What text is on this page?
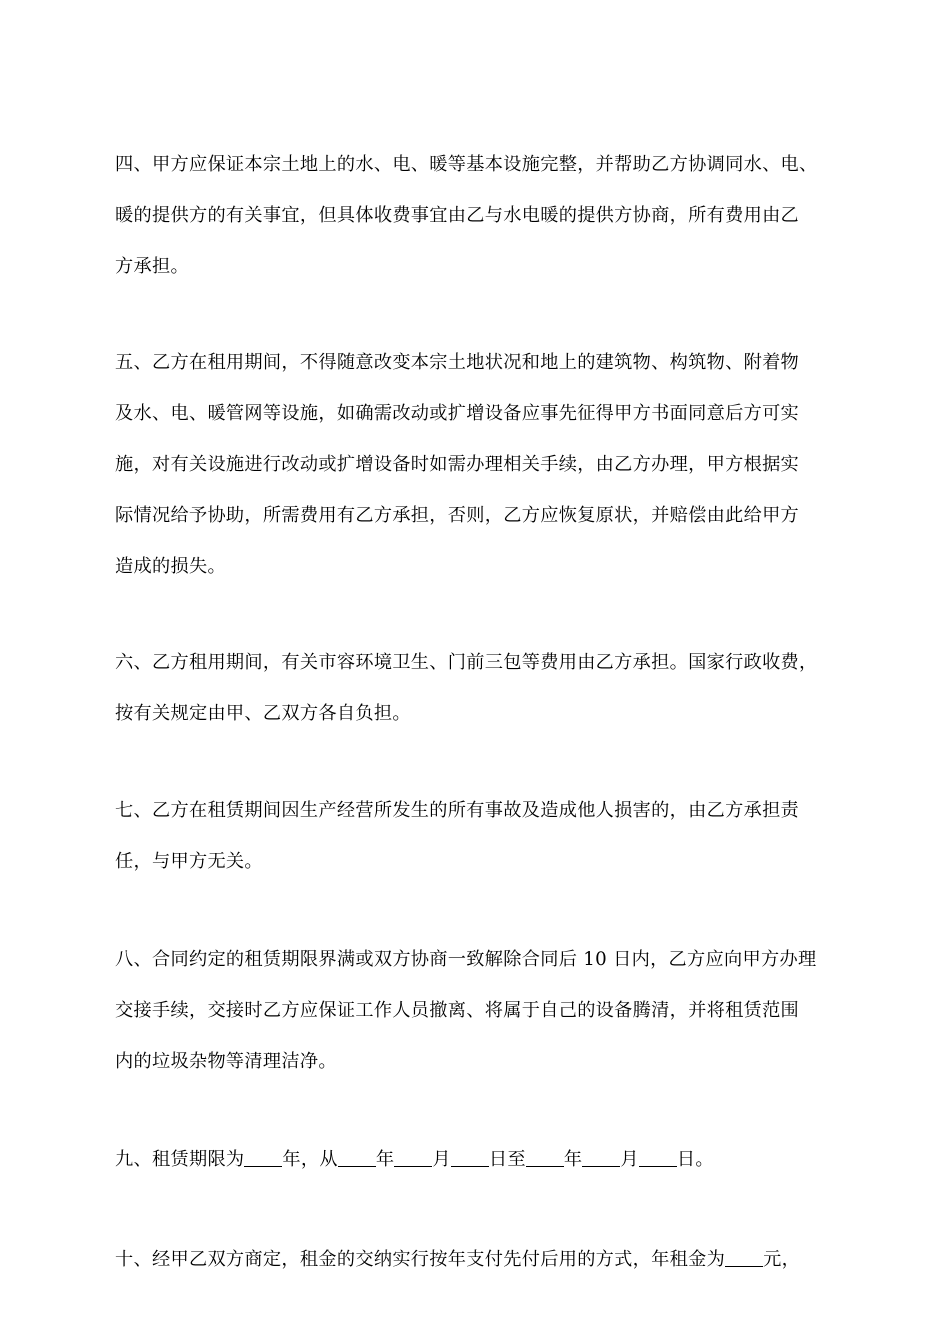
四、甲方应保证本宗土地上的水、电、暖等基本设施完整，并帮助乙方协调同水、电、
暖的提供方的有关事宜，但具体收费事宜由乙与水电暖的提供方协商，所有费用由乙
方承担。
五、乙方在租用期间，不得随意改变本宗土地状况和地上的建筑物、构筑物、附着物
及水、电、暖管网等设施，如确需改动或扩增设备应事先征得甲方书面同意后方可实
施，对有关设施进行改动或扩增设备时如需办理相关手续，由乙方办理，甲方根据实
际情况给予协助，所需费用有乙方承担，否则，乙方应恢复原状，并赔偿由此给甲方
造成的损失。
六、乙方租用期间，有关市容环境卫生、门前三包等费用由乙方承担。国家行政收费，
按有关规定由甲、乙双方各自负担。
七、乙方在租赁期间因生产经营所发生的所有事故及造成他人损害的，由乙方承担责
任，与甲方无关。
八、合同约定的租赁期限界满或双方协商一致解除合同后 10 日内，乙方应向甲方办理
交接手续，交接时乙方应保证工作人员撤离、将属于自己的设备腾清，并将租赁范围
内的垃圾杂物等清理洁净。
九、租赁期限为 年，从 年 月 日至 年 月 日。
十、经甲乙双方商定，租金的交纳实行按年支付先付后用的方式，年租金为 元，
